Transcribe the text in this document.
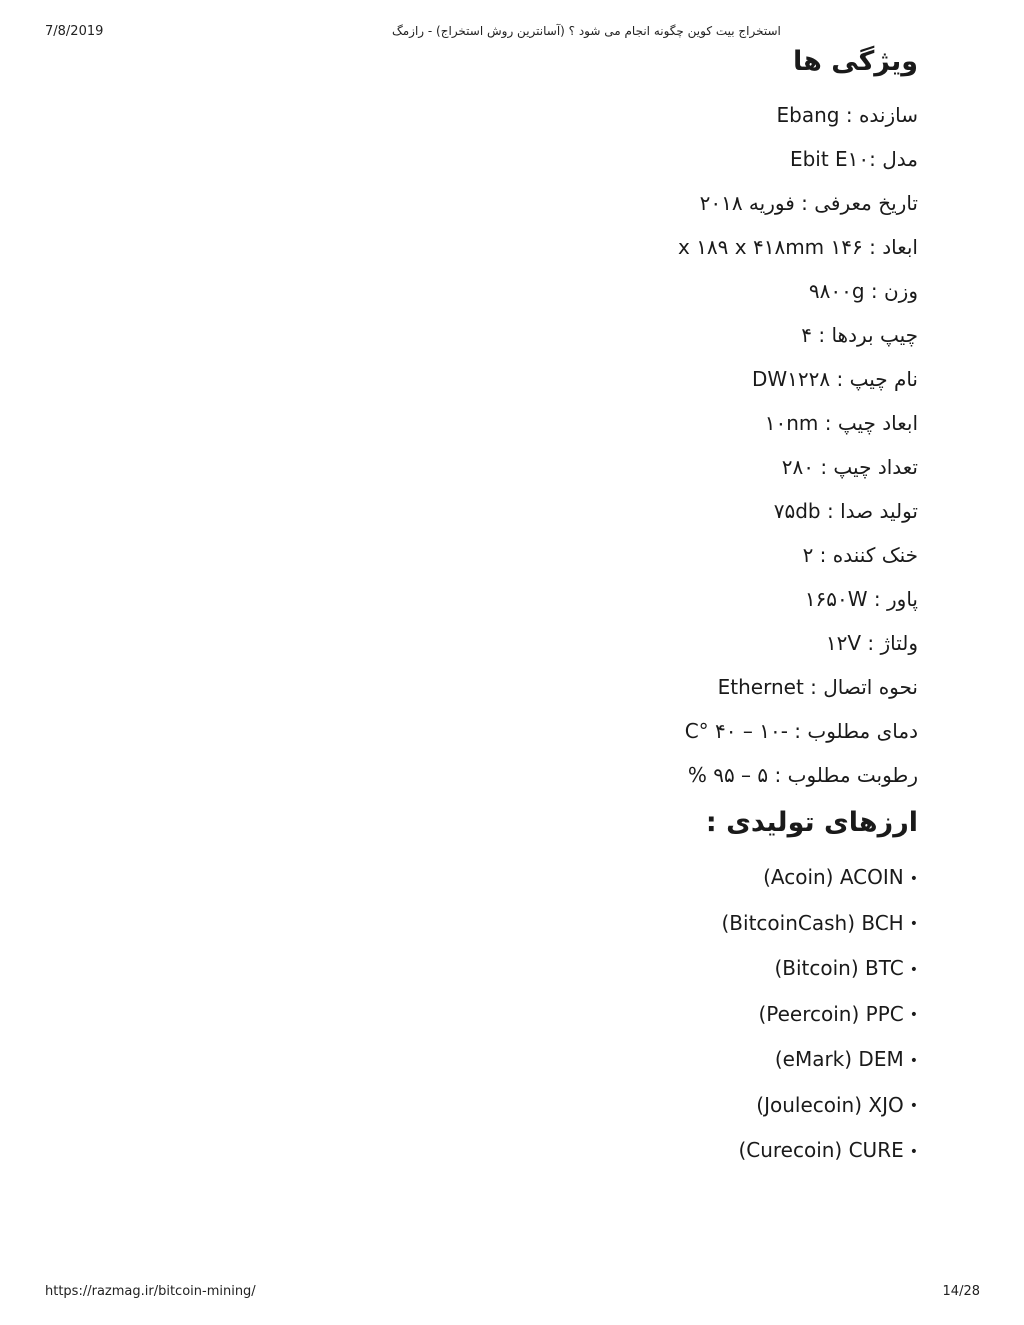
7/8/2019	استخراج بیت کوین چگونه انجام می شود ؟ (آسانترین روش استخراج) - رازمگ
ویژگی ها
سازنده : Ebang
مدل :Ebit E۱۰
تاریخ معرفی : فوریه ۲۰۱۸
ابعاد : ۱۴۶ x ۱۸۹ x ۴۱۸mm
وزن : ۹۸۰۰g
چیپ بردها : ۴
نام چیپ : DW۱۲۲۸
ابعاد چیپ : ۱۰nm
تعداد چیپ : ۲۸۰
تولید صدا : ۷۵db
خنک کننده : ۲
پاور : ۱۶۵۰W
ولتاژ : ۱۲V
نحوه اتصال : Ethernet
دمای مطلوب : -۱۰ – ۴۰ °C
رطوبت مطلوب : ۵ – ۹۵ %
ارزهای تولیدی :
(Acoin) ACOIN •
(BitcoinCash) BCH •
(Bitcoin) BTC •
(Peercoin) PPC •
(eMark) DEM •
(Joulecoin) XJO •
(Curecoin) CURE •
https://razmag.ir/bitcoin-mining/	14/28
